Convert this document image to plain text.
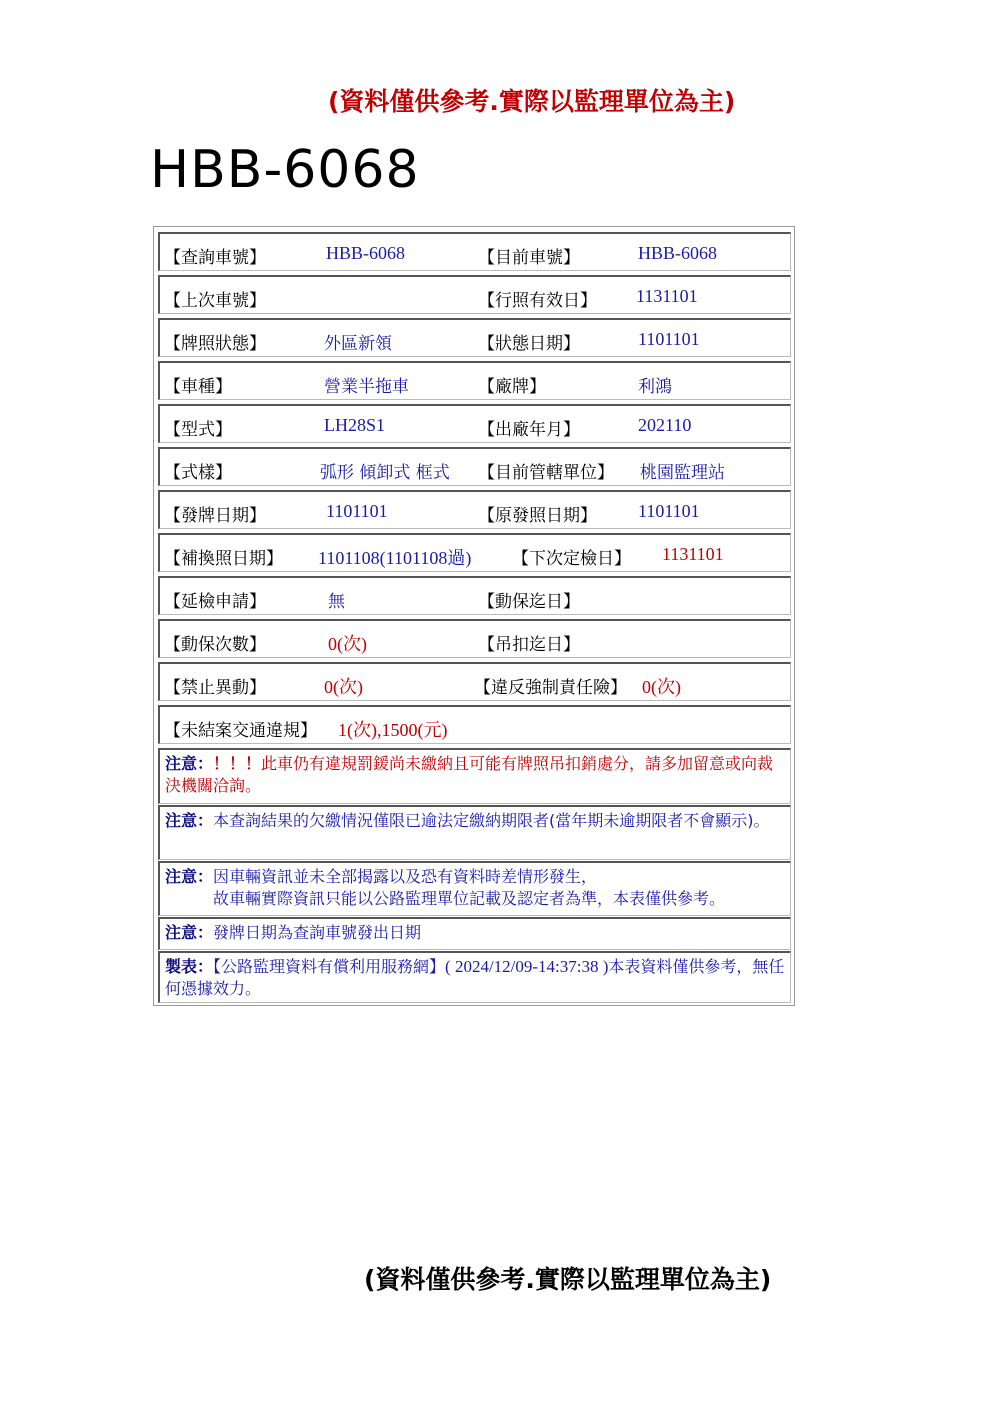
(資料僅供參考.實際以監理單位為主)
HBB-6068
【查詢車號】	HBB-6068	【目前車號】	HBB-6068
【上次車號】	【行照有效日】 1131101
【牌照狀態】	外區新領	【狀態日期】	1101101
【車種】	營業半拖車	【廠牌】	利鴻
【型式】	LH28S1	【出廠年月】	202110
【式樣】	弧形 傾卸式 框式 【目前管轄單位】 桃園監理站
【發牌日期】	1101101	【原發照日期】 1101101
【補換照日期】 1101108(1101108過) 【下次定檢日】 1131101
【延檢申請】	無	【動保迄日】
【動保次數】	0(次)	【吊扣迄日】
【禁止異動】	0(次)	【違反強制責任險】 0(次)
【未結案交通違規】 1(次),1500(元)
注意：！！！此車仍有違規罰鍰尚未繳納且可能有牌照吊扣銷處分，請多加留意或向裁決機關洽詢。
注意：本查詢結果的欠繳情況僅限已逾法定繳納期限者(當年期未逾期限者不會顯示)。
注意：因車輛資訊並未全部揭露以及恐有資料時差情形發生，
故車輛實際資訊只能以公路監理單位記載及認定者為準，本表僅供參考。
注意：發牌日期為查詢車號發出日期
製表：【公路監理資料有償利用服務網】( 2024/12/09-14:37:38 )本表資料僅供參考，無任何憑據效力。
(資料僅供參考.實際以監理單位為主)
